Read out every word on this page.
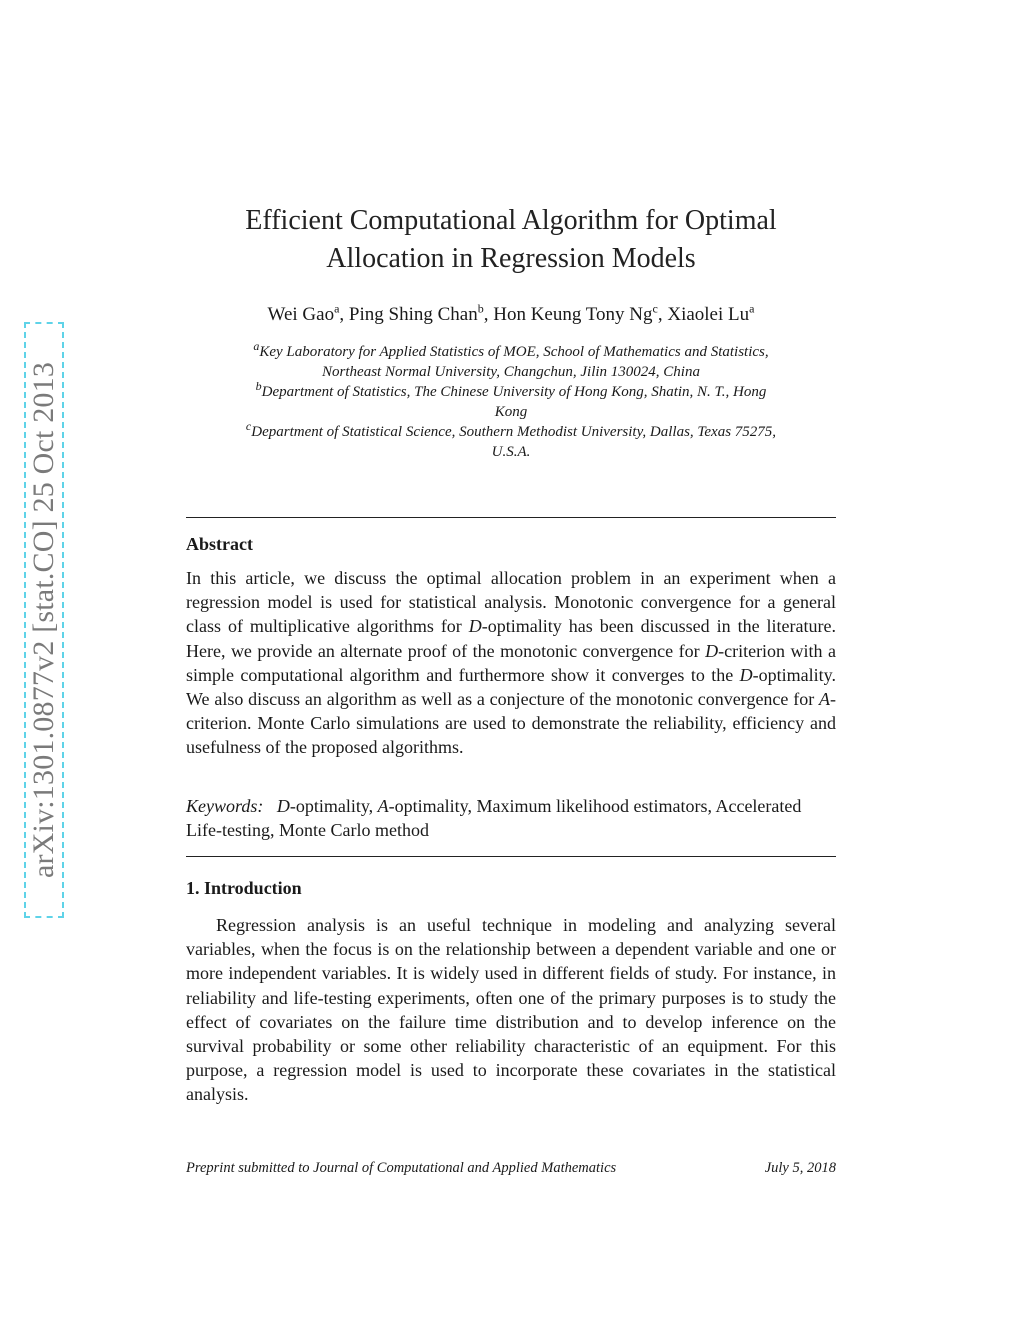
arXiv:1301.0877v2 [stat.CO] 25 Oct 2013
Efficient Computational Algorithm for Optimal
Allocation in Regression Models
Wei Gao$^a$, Ping Shing Chan$^b$, Hon Keung Tony Ng$^c$, Xiaolei Lu$^a$
$^a$Key Laboratory for Applied Statistics of MOE, School of Mathematics and Statistics,
Northeast Normal University, Changchun, Jilin 130024, China
$^b$Department of Statistics, The Chinese University of Hong Kong, Shatin, N. T., Hong
Kong
$^c$Department of Statistical Science, Southern Methodist University, Dallas, Texas 75275,
U.S.A.
Abstract
In this article, we discuss the optimal allocation problem in an experiment when a regression model is used for statistical analysis. Monotonic convergence for a general class of multiplicative algorithms for D-optimality has been discussed in the literature. Here, we provide an alternate proof of the monotonic convergence for D-criterion with a simple computational algorithm and furthermore show it converges to the D-optimality. We also discuss an algorithm as well as a conjecture of the monotonic convergence for A-criterion. Monte Carlo simulations are used to demonstrate the reliability, efficiency and usefulness of the proposed algorithms.
Keywords: D-optimality, A-optimality, Maximum likelihood estimators, Accelerated Life-testing, Monte Carlo method
1. Introduction
Regression analysis is an useful technique in modeling and analyzing several variables, when the focus is on the relationship between a dependent variable and one or more independent variables. It is widely used in different fields of study. For instance, in reliability and life-testing experiments, often one of the primary purposes is to study the effect of covariates on the failure time distribution and to develop inference on the survival probability or some other reliability characteristic of an equipment. For this purpose, a regression model is used to incorporate these covariates in the statistical analysis.
Preprint submitted to Journal of Computational and Applied Mathematics	July 5, 2018
